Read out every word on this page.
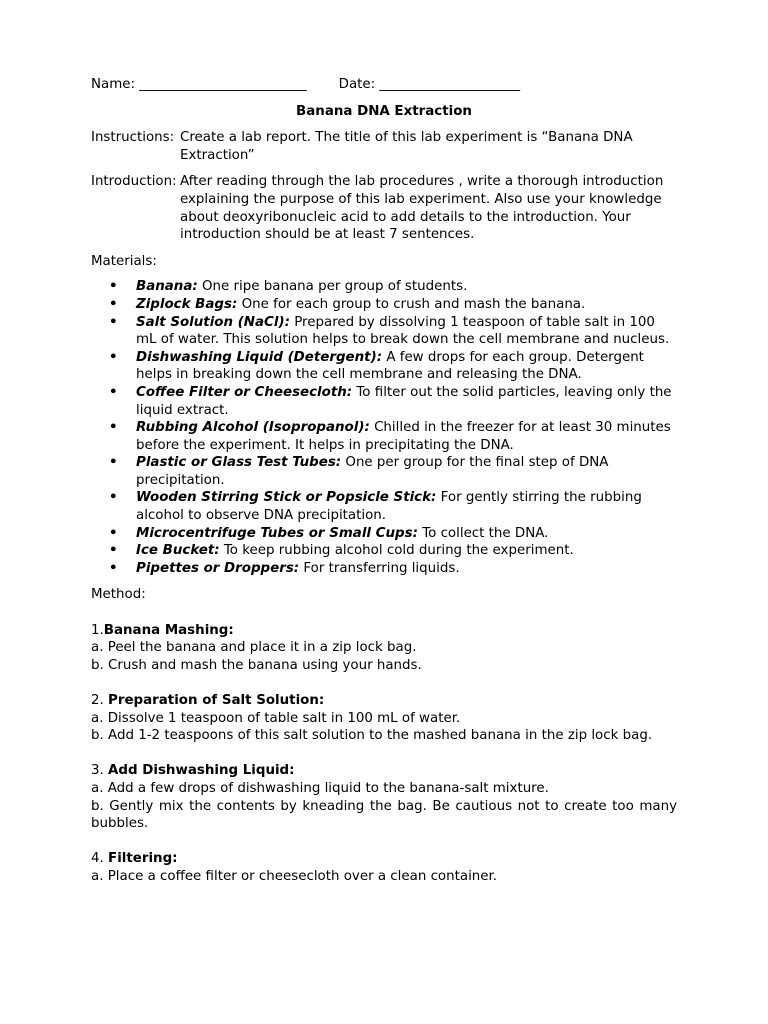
Name: _________________________ Date: _____________________
Banana DNA Extraction
Instructions: Create a lab report. The title of this lab experiment is “Banana DNA Extraction”
Introduction: After reading through the lab procedures , write a thorough introduction explaining the purpose of this lab experiment. Also use your knowledge about deoxyribonucleic acid to add details to the introduction. Your introduction should be at least 7 sentences.
Materials:
• Banana: One ripe banana per group of students.
• Ziplock Bags: One for each group to crush and mash the banana.
• Salt Solution (NaCl): Prepared by dissolving 1 teaspoon of table salt in 100 mL of water. This solution helps to break down the cell membrane and nucleus.
• Dishwashing Liquid (Detergent): A few drops for each group. Detergent helps in breaking down the cell membrane and releasing the DNA.
• Coffee Filter or Cheesecloth: To filter out the solid particles, leaving only the liquid extract.
• Rubbing Alcohol (Isopropanol): Chilled in the freezer for at least 30 minutes before the experiment. It helps in precipitating the DNA.
• Plastic or Glass Test Tubes: One per group for the final step of DNA precipitation.
• Wooden Stirring Stick or Popsicle Stick: For gently stirring the rubbing alcohol to observe DNA precipitation.
• Microcentrifuge Tubes or Small Cups: To collect the DNA.
• Ice Bucket: To keep rubbing alcohol cold during the experiment.
• Pipettes or Droppers: For transferring liquids.
Method:
1.Banana Mashing:
a. Peel the banana and place it in a zip lock bag.
b. Crush and mash the banana using your hands.
2. Preparation of Salt Solution:
a. Dissolve 1 teaspoon of table salt in 100 mL of water.
b. Add 1-2 teaspoons of this salt solution to the mashed banana in the zip lock bag.
3. Add Dishwashing Liquid:
a. Add a few drops of dishwashing liquid to the banana-salt mixture.
b. Gently mix the contents by kneading the bag. Be cautious not to create too many bubbles.
4. Filtering:
a. Place a coffee filter or cheesecloth over a clean container.
